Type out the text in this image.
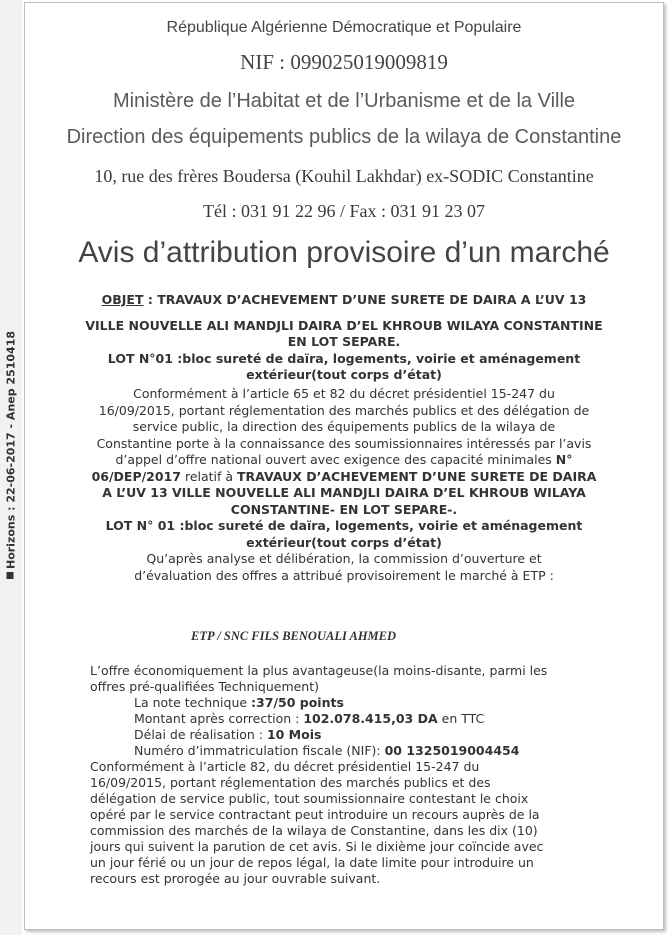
Horizons : 22-06-2017 - Anep 2510418

République Algérienne Démocratique et Populaire
NIF : 099025019009819
Ministère de l’Habitat et de l’Urbanisme et de la Ville
Direction des équipements publics de la wilaya de Constantine
10, rue des frères Boudersa (Kouhil Lakhdar) ex-SODIC Constantine
Tél : 031 91 22 96 / Fax : 031 91 23 07
Avis d’attribution provisoire d’un marché
OBJET : TRAVAUX D’ACHEVEMENT D’UNE SURETE DE DAIRA A L’UV 13
VILLE NOUVELLE ALI MANDJLI DAIRA D’EL KHROUB WILAYA CONSTANTINE
EN LOT SEPARE.
LOT N°01 :bloc sureté de daïra, logements, voirie et aménagement
extérieur(tout corps d’état)
Conformément à l’article 65 et 82 du décret présidentiel 15-247 du
16/09/2015, portant réglementation des marchés publics et des délégation de
service public, la direction des équipements publics de la wilaya de
Constantine porte à la connaissance des soumissionnaires intéressés par l’avis
d’appel d’offre national ouvert avec exigence des capacité minimales N°
06/DEP/2017 relatif à TRAVAUX D’ACHEVEMENT D’UNE SURETE DE DAIRA
A L’UV 13 VILLE NOUVELLE ALI MANDJLI DAIRA D’EL KHROUB WILAYA
CONSTANTINE- EN LOT SEPARE-.
LOT N° 01 :bloc sureté de daïra, logements, voirie et aménagement
extérieur(tout corps d’état)
Qu’après analyse et délibération, la commission d’ouverture et
d’évaluation des offres a attribué provisoirement le marché à ETP :
ETP / SNC FILS BENOUALI AHMED

L’offre économiquement la plus avantageuse(la moins-disante, parmi les

offres pré-qualifiées Techniquement)

La note technique :37/50 points

Montant après correction : 102.078.415,03 DA en TTC

Délai de réalisation : 10 Mois

Numéro d’immatriculation fiscale (NIF): 00 1325019004454

Conformément à l’article 82, du décret présidentiel 15-247 du

16/09/2015, portant réglementation des marchés publics et des

délégation de service public, tout soumissionnaire contestant le choix

opéré par le service contractant peut introduire un recours auprès de la

commission des marchés de la wilaya de Constantine, dans les dix (10)

jours qui suivent la parution de cet avis. Si le dixième jour coïncide avec

un jour férié ou un jour de repos légal, la date limite pour introduire un

recours est prorogée au jour ouvrable suivant.
